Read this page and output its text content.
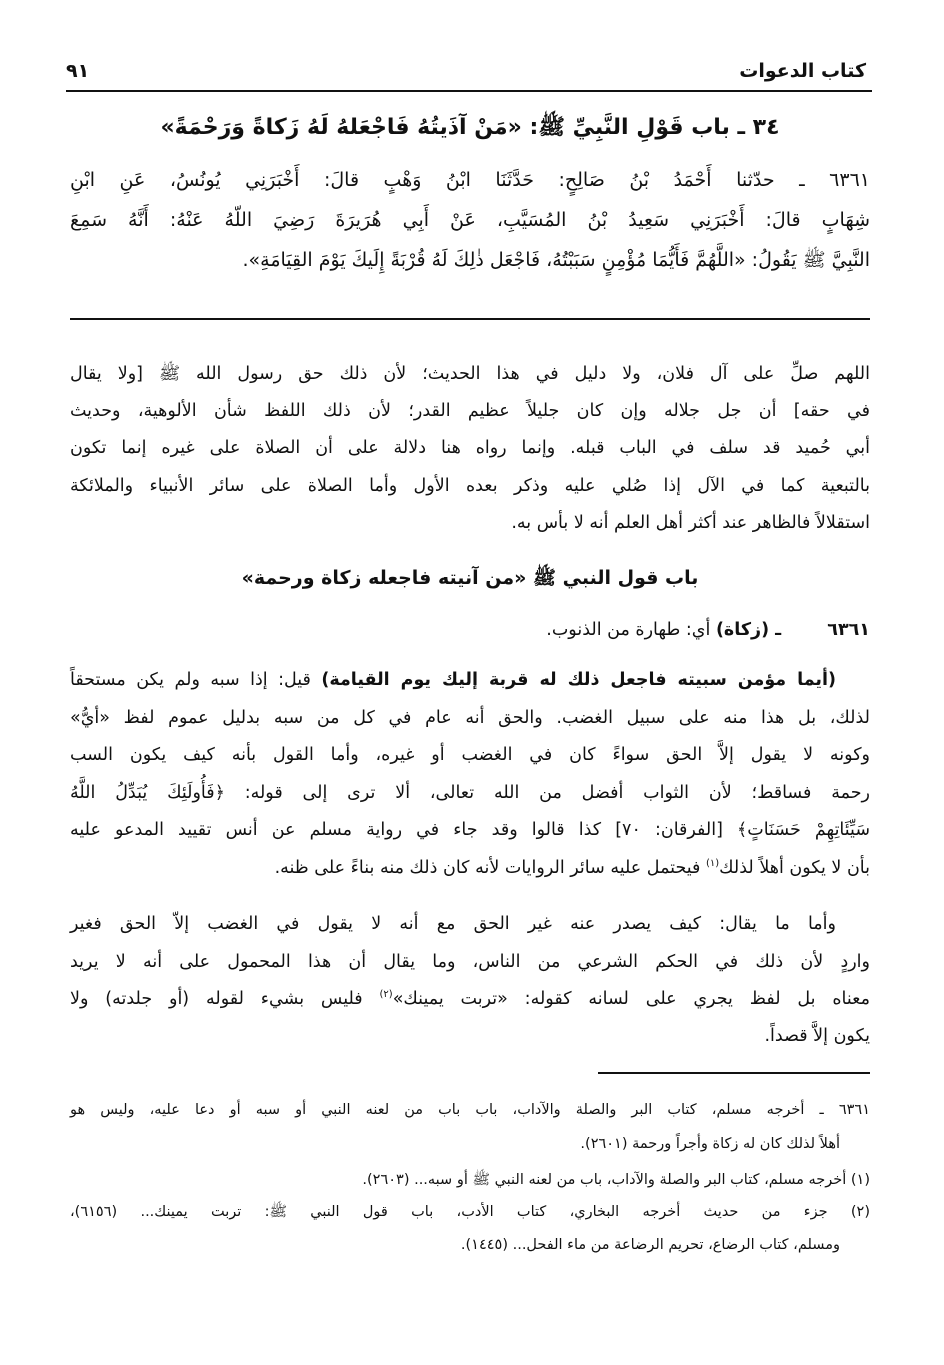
كتاب الدعوات
٩١
٣٤ ـ باب قَوْلِ النَّبِيِّ ﷺ: «مَنْ آذَيتُهُ فَاجْعَلهُ لَهُ زَكاةً وَرَحْمَةً»
٦٣٦١ ـ حدّثنا أَحْمَدُ بْنُ صَالِحٍ: حَدَّثَنَا ابْنُ وَهْبٍ قالَ: أَخْبَرَنِي يُونُسُ، عَنِ ابْنِ
شِهَابٍ قالَ: أَخْبَرَنِي سَعِيدُ بْنُ المُسَيَّبِ، عَنْ أَبِي هُرَيرَةَ رَضِيَ اللّهُ عَنْهُ: أَنَّهُ سَمِعَ
النَّبِيَّ ﷺ يَقُولُ: «اللَّهُمَّ فَأَيُّمَا مُؤْمِنٍ سَبَبْتُهُ، فَاجْعَل ذٰلِكَ لَهُ قُرْبَةً إِلَيكَ يَوْمَ القِيَامَةِ».
اللهم صلِّ على آل فلان، ولا دليل في هذا الحديث؛ لأن ذلك حق رسول الله ﷺ [ولا يقال
في حقه] أن جل جلاله وإن كان جليلاً عظيم القدر؛ لأن ذلك اللفظ شأن الألوهية، وحديث
أبي حُميد قد سلف في الباب قبله. وإنما رواه هنا دلالة على أن الصلاة على غيره إنما تكون
بالتبعية كما في الآل إذا صُلي عليه وذكر بعده الأول وأما الصلاة على سائر الأنبياء والملائكة
استقلالاً فالظاهر عند أكثر أهل العلم أنه لا بأس به.
باب قول النبي ﷺ «من آنيته فاجعله زكاة ورحمة»
٦٣٦١ ـ (زكاة) أي: طهارة من الذنوب.
(أيما مؤمن سبيته فاجعل ذلك له قربة إليك يوم القيامة) قيل: إذا سبه ولم يكن مستحقاً
لذلك، بل هذا منه على سبيل الغضب. والحق أنه عام في كل من سبه بدليل عموم لفظ «أيُّ»
وكونه لا يقول إلاَّ الحق سواءً كان في الغضب أو غيره، وأما القول بأنه كيف يكون السب
رحمة فساقط؛ لأن الثواب أفضل من الله تعالى، ألا ترى إلى قوله: ﴿فَأُولَئِكَ يُبَدِّلُ اللَّهُ
سَيِّئَاتِهِمْ حَسَنَاتٍ﴾ [الفرقان: ٧٠] كذا قالوا وقد جاء في رواية مسلم عن أنس تقييد المدعو عليه
بأن لا يكون أهلاً لذلك$^{(١)}$ فيحتمل عليه سائر الروايات لأنه كان ذلك منه بناءً على ظنه.
وأما ما يقال: كيف يصدر عنه غير الحق مع أنه لا يقول في الغضب إلاّ الحق فغير
واردٍ لأن ذلك في الحكم الشرعي من الناس، وما يقال أن هذا المحمول على أنه لا يريد
معناه بل لفظ يجري على لسانه كقوله: «تربت يمينك»$^{(٢)}$ فليس بشيء لقوله (أو جلدته) ولا
يكون إلاَّ قصداً.
٦٣٦١ ـ أخرجه مسلم، كتاب البر والصلة والآداب، باب باب من لعنه النبي أو سبه أو دعا عليه، وليس هو
أهلاً لذلك كان له زكاة وأجراً ورحمة (٢٦٠١).
(١) أخرجه مسلم، كتاب البر والصلة والآداب، باب من لعنه النبي ﷺ أو سبه... (٢٦٠٣).
(٢) جزء من حديث أخرجه البخاري، كتاب الأدب، باب قول النبي ﷺ: تربت يمينك... (٦١٥٦)،
ومسلم، كتاب الرضاع، تحريم الرضاعة من ماء الفحل... (١٤٤٥).
